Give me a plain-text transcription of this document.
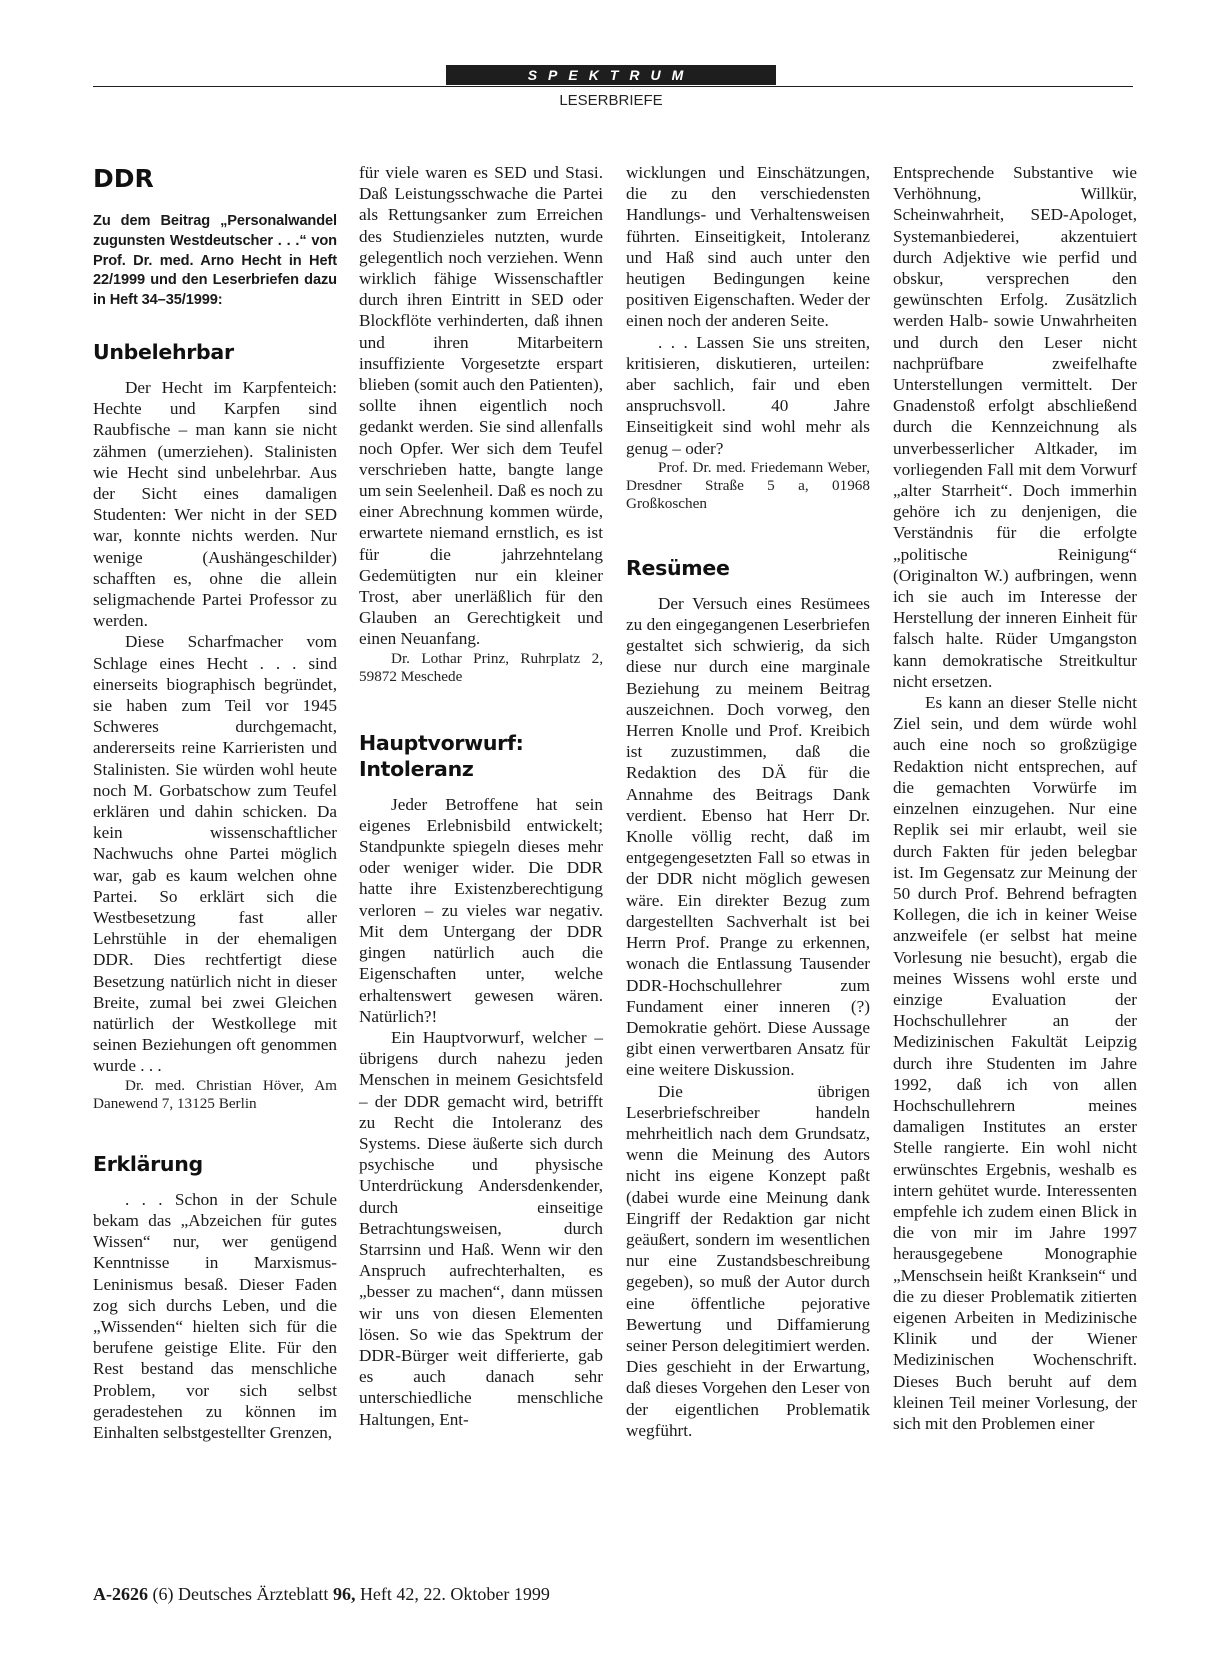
SPEKTRUM
LESERBRIEFE
DDR

Zu dem Beitrag „Personalwandel zugunsten Westdeutscher . . .“ von Prof. Dr. med. Arno Hecht in Heft 22/1999 und den Leserbriefen dazu in Heft 34–35/1999:

Unbelehrbar

Der Hecht im Karpfenteich: Hechte und Karpfen sind Raubfische – man kann sie nicht zähmen (umerziehen). Stalinisten wie Hecht sind unbelehrbar. Aus der Sicht eines damaligen Studenten: Wer nicht in der SED war, konnte nichts werden. Nur wenige (Aushängeschilder) schafften es, ohne die allein seligmachende Partei Professor zu werden.

Diese Scharfmacher vom Schlage eines Hecht . . . sind einerseits biographisch begründet, sie haben zum Teil vor 1945 Schweres durchgemacht, andererseits reine Karrieristen und Stalinisten. Sie würden wohl heute noch M. Gorbatschow zum Teufel erklären und dahin schicken. Da kein wissenschaftlicher Nachwuchs ohne Partei möglich war, gab es kaum welchen ohne Partei. So erklärt sich die Westbesetzung fast aller Lehrstühle in der ehemaligen DDR. Dies rechtfertigt diese Besetzung natürlich nicht in dieser Breite, zumal bei zwei Gleichen natürlich der Westkollege mit seinen Beziehungen oft genommen wurde . . .

Dr. med. Christian Höver, Am Danewend 7, 13125 Berlin

Erklärung

. . . Schon in der Schule bekam das „Abzeichen für gutes Wissen“ nur, wer genügend Kenntnisse in Marxismus-Leninismus besaß. Dieser Faden zog sich durchs Leben, und die „Wissenden“ hielten sich für die berufene geistige Elite. Für den Rest bestand das menschliche Problem, vor sich selbst geradestehen zu können im Einhalten selbstgestellter Grenzen,

für viele waren es SED und Stasi. Daß Leistungsschwache die Partei als Rettungsanker zum Erreichen des Studienzieles nutzten, wurde gelegentlich noch verziehen. Wenn wirklich fähige Wissenschaftler durch ihren Eintritt in SED oder Blockflöte verhinderten, daß ihnen und ihren Mitarbeitern insuffiziente Vorgesetzte erspart blieben (somit auch den Patienten), sollte ihnen eigentlich noch gedankt werden. Sie sind allenfalls noch Opfer. Wer sich dem Teufel verschrieben hatte, bangte lange um sein Seelenheil. Daß es noch zu einer Abrechnung kommen würde, erwartete niemand ernstlich, es ist für die jahrzehntelang Gedemütigten nur ein kleiner Trost, aber unerläßlich für den Glauben an Gerechtigkeit und einen Neuanfang.

Dr. Lothar Prinz, Ruhrplatz 2, 59872 Meschede

Hauptvorwurf: Intoleranz

Jeder Betroffene hat sein eigenes Erlebnisbild entwickelt; Standpunkte spiegeln dieses mehr oder weniger wider. Die DDR hatte ihre Existenzberechtigung verloren – zu vieles war negativ. Mit dem Untergang der DDR gingen natürlich auch die Eigenschaften unter, welche erhaltenswert gewesen wären. Natürlich?!

Ein Hauptvorwurf, welcher – übrigens durch nahezu jeden Menschen in meinem Gesichtsfeld – der DDR gemacht wird, betrifft zu Recht die Intoleranz des Systems. Diese äußerte sich durch psychische und physische Unterdrückung Andersdenkender, durch einseitige Betrachtungsweisen, durch Starrsinn und Haß. Wenn wir den Anspruch aufrechterhalten, es „besser zu machen“, dann müssen wir uns von diesen Elementen lösen. So wie das Spektrum der DDR-Bürger weit differierte, gab es auch danach sehr unterschiedliche menschliche Haltungen, Ent-

wicklungen und Einschätzungen, die zu den verschiedensten Handlungs- und Verhaltensweisen führten. Einseitigkeit, Intoleranz und Haß sind auch unter den heutigen Bedingungen keine positiven Eigenschaften. Weder der einen noch der anderen Seite.

. . . Lassen Sie uns streiten, kritisieren, diskutieren, urteilen: aber sachlich, fair und eben anspruchsvoll. 40 Jahre Einseitigkeit sind wohl mehr als genug – oder?

Prof. Dr. med. Friedemann Weber, Dresdner Straße 5 a, 01968 Großkoschen

Resümee

Der Versuch eines Resümees zu den eingegangenen Leserbriefen gestaltet sich schwierig, da sich diese nur durch eine marginale Beziehung zu meinem Beitrag auszeichnen. Doch vorweg, den Herren Knolle und Prof. Kreibich ist zuzustimmen, daß die Redaktion des DÄ für die Annahme des Beitrags Dank verdient. Ebenso hat Herr Dr. Knolle völlig recht, daß im entgegengesetzten Fall so etwas in der DDR nicht möglich gewesen wäre. Ein direkter Bezug zum dargestellten Sachverhalt ist bei Herrn Prof. Prange zu erkennen, wonach die Entlassung Tausender DDR-Hochschullehrer zum Fundament einer inneren (?) Demokratie gehört. Diese Aussage gibt einen verwertbaren Ansatz für eine weitere Diskussion.

Die übrigen Leserbriefschreiber handeln mehrheitlich nach dem Grundsatz, wenn die Meinung des Autors nicht ins eigene Konzept paßt (dabei wurde eine Meinung dank Eingriff der Redaktion gar nicht geäußert, sondern im wesentlichen nur eine Zustandsbeschreibung gegeben), so muß der Autor durch eine öffentliche pejorative Bewertung und Diffamierung seiner Person delegitimiert werden. Dies geschieht in der Erwartung, daß dieses Vorgehen den Leser von der eigentlichen Problematik wegführt.

Entsprechende Substantive wie Verhöhnung, Willkür, Scheinwahrheit, SED-Apologet, Systemanbiederei, akzentuiert durch Adjektive wie perfid und obskur, versprechen den gewünschten Erfolg. Zusätzlich werden Halb- sowie Unwahrheiten und durch den Leser nicht nachprüfbare zweifelhafte Unterstellungen vermittelt. Der Gnadenstoß erfolgt abschließend durch die Kennzeichnung als unverbesserlicher Altkader, im vorliegenden Fall mit dem Vorwurf „alter Starrheit“. Doch immerhin gehöre ich zu denjenigen, die Verständnis für die erfolgte „politische Reinigung“ (Originalton W.) aufbringen, wenn ich sie auch im Interesse der Herstellung der inneren Einheit für falsch halte. Rüder Umgangston kann demokratische Streitkultur nicht ersetzen.

Es kann an dieser Stelle nicht Ziel sein, und dem würde wohl auch eine noch so großzügige Redaktion nicht entsprechen, auf die gemachten Vorwürfe im einzelnen einzugehen. Nur eine Replik sei mir erlaubt, weil sie durch Fakten für jeden belegbar ist. Im Gegensatz zur Meinung der 50 durch Prof. Behrend befragten Kollegen, die ich in keiner Weise anzweifele (er selbst hat meine Vorlesung nie besucht), ergab die meines Wissens wohl erste und einzige Evaluation der Hochschullehrer an der Medizinischen Fakultät Leipzig durch ihre Studenten im Jahre 1992, daß ich von allen Hochschullehrern meines damaligen Institutes an erster Stelle rangierte. Ein wohl nicht erwünschtes Ergebnis, weshalb es intern gehütet wurde. Interessenten empfehle ich zudem einen Blick in die von mir im Jahre 1997 herausgegebene Monographie „Menschsein heißt Kranksein“ und die zu dieser Problematik zitierten eigenen Arbeiten in Medizinische Klinik und der Wiener Medizinischen Wochenschrift. Dieses Buch beruht auf dem kleinen Teil meiner Vorlesung, der sich mit den Problemen einer

A-2626 (6) Deutsches Ärzteblatt 96, Heft 42, 22. Oktober 1999
